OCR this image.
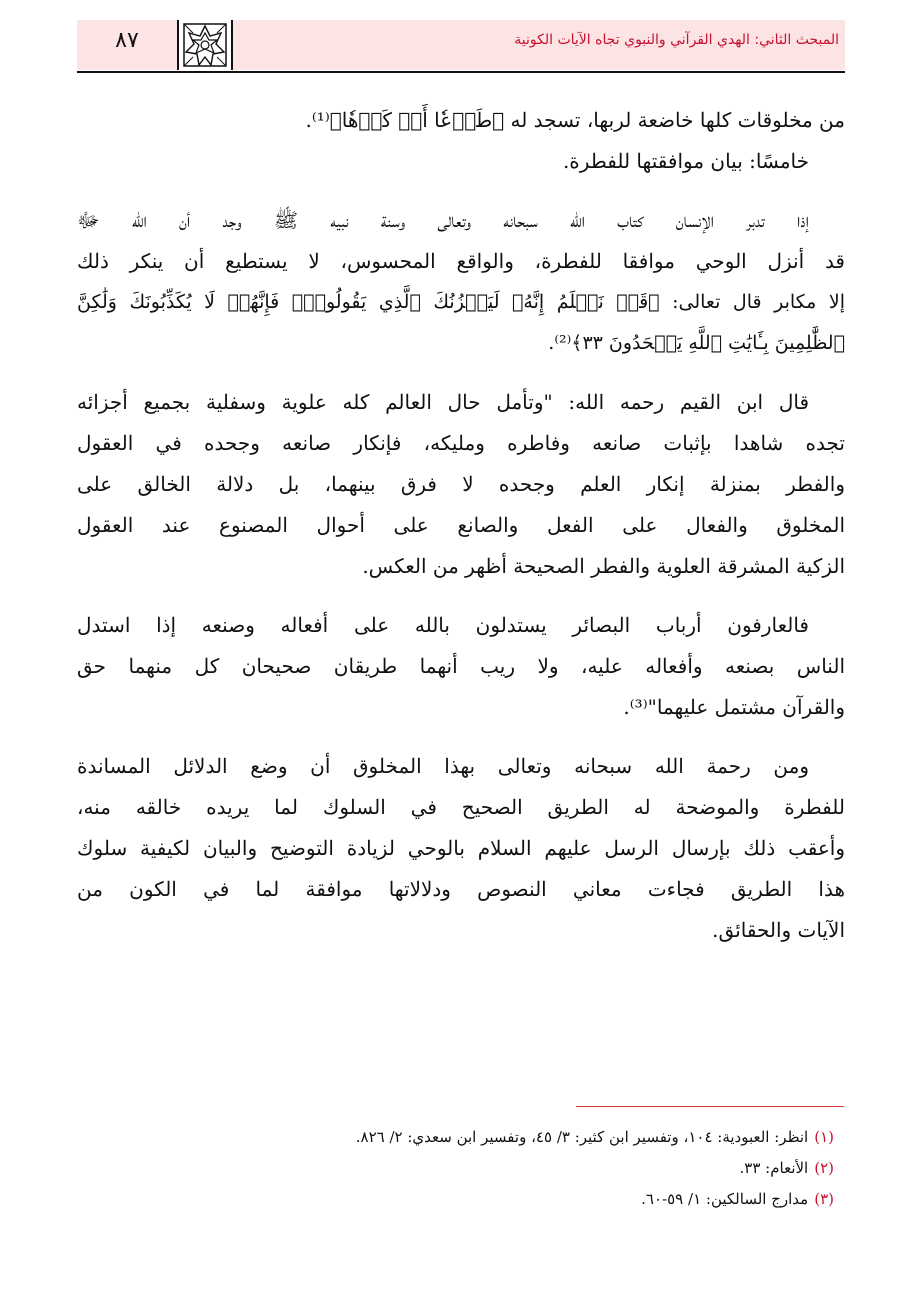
المبحث الثاني: الهدي القرآني والنبوي تجاه الآيات الكونية
٨٧
من مخلوقات كلها خاضعة لربها، تسجد له ﴿طَوۡعٗا أَوۡ كَرۡهٗا﴾⁽¹⁾.
خامسًا: بيان موافقتها للفطرة.
إذا تدبر الإنسان كتاب الله سبحانه وتعالى وسنة نبيه ﷺ وجد أن الله ﷻ
قد أنزل الوحي موافقا للفطرة، والواقع المحسوس، لا يستطيع أن ينكر ذلك
إلا مكابر قال تعالى: ﴿قَدۡ نَعۡلَمُ إِنَّهُۥ لَيَحۡزُنُكَ ٱلَّذِي يَقُولُونَۖ فَإِنَّهُمۡ لَا يُكَذِّبُونَكَ وَلَٰكِنَّ
ٱلظَّٰلِمِينَ بِـَٔايَٰتِ ٱللَّهِ يَجۡحَدُونَ ٣٣﴾⁽²⁾.
قال ابن القيم رحمه الله: "وتأمل حال العالم كله علوية وسفلية بجميع أجزائه
تجده شاهدا بإثبات صانعه وفاطره ومليكه، فإنكار صانعه وجحده في العقول
والفطر بمنزلة إنكار العلم وجحده لا فرق بينهما، بل دلالة الخالق على
المخلوق والفعال على الفعل والصانع على أحوال المصنوع عند العقول
الزكية المشرقة العلوية والفطر الصحيحة أظهر من العكس.
فالعارفون أرباب البصائر يستدلون بالله على أفعاله وصنعه إذا استدل
الناس بصنعه وأفعاله عليه، ولا ريب أنهما طريقان صحيحان كل منهما حق
والقرآن مشتمل عليهما"⁽³⁾.
ومن رحمة الله سبحانه وتعالى بهذا المخلوق أن وضع الدلائل المساندة
للفطرة والموضحة له الطريق الصحيح في السلوك لما يريده خالقه منه،
وأعقب ذلك بإرسال الرسل عليهم السلام بالوحي لزيادة التوضيح والبيان لكيفية سلوك
هذا الطريق فجاءت معاني النصوص ودلالاتها موافقة لما في الكون من
الآيات والحقائق.
(١)انظر: العبودية: ١٠٤، وتفسير ابن كثير: ٣/ ٤٥، وتفسير ابن سعدي: ٢/ ٨٢٦.
(٢)الأنعام: ٣٣.
(٣)مدارج السالكين: ١/ ٥٩-٦٠.
